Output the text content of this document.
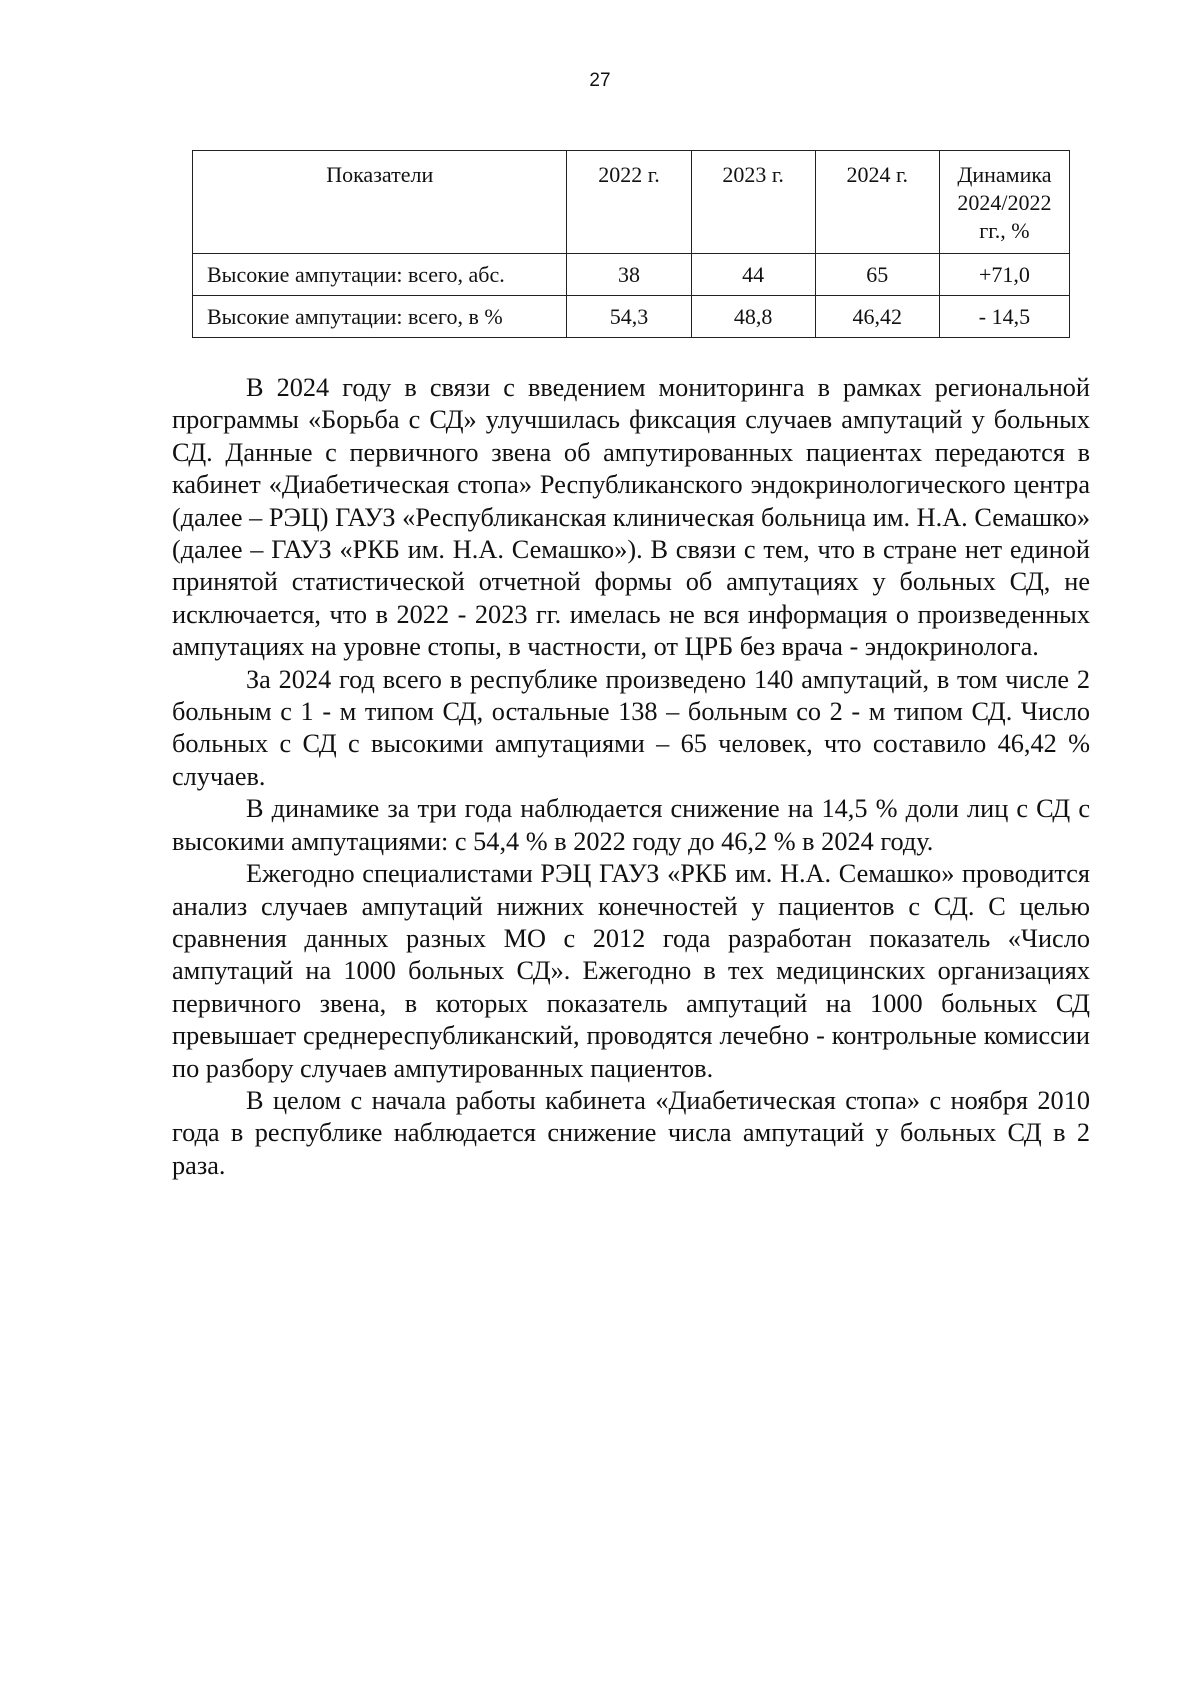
27
Показатели	2022 г.	2023 г.	2024 г.	Динамика
2024/2022
гг., %

Высокие ампутации: всего, абс.	38	44	65	+71,0
Высокие ампутации: всего, в %	54,3	48,8	46,42	- 14,5

В 2024 году в связи с введением мониторинга в рамках региональной программы «Борьба с СД» улучшилась фиксация случаев ампутаций у больных СД. Данные с первичного звена об ампутированных пациентах передаются в кабинет «Диабетическая стопа» Республиканского эндокринологического центра (далее – РЭЦ) ГАУЗ «Республиканская клиническая больница им. Н.А. Семашко» (далее – ГАУЗ «РКБ им. Н.А. Семашко»). В связи с тем, что в стране нет единой принятой статистической отчетной формы об ампутациях у больных СД, не исключается, что в 2022 - 2023 гг. имелась не вся информация о произведенных ампутациях на уровне стопы, в частности, от ЦРБ без врача - эндокринолога.

За 2024 год всего в республике произведено 140 ампутаций, в том числе 2 больным с 1 - м типом СД, остальные 138 – больным со 2 - м типом СД. Число больных с СД с высокими ампутациями – 65 человек, что составило 46,42 % случаев.

В динамике за три года наблюдается снижение на 14,5 % доли лиц с СД с высокими ампутациями: с 54,4 % в 2022 году до 46,2 % в 2024 году.

Ежегодно специалистами РЭЦ ГАУЗ «РКБ им. Н.А. Семашко» проводится анализ случаев ампутаций нижних конечностей у пациентов с СД. С целью сравнения данных разных МО с 2012 года разработан показатель «Число ампутаций на 1000 больных СД». Ежегодно в тех медицинских организациях первичного звена, в которых показатель ампутаций на 1000 больных СД превышает среднереспубликанский, проводятся лечебно - контрольные комиссии по разбору случаев ампутированных пациентов.

В целом с начала работы кабинета «Диабетическая стопа» с ноября 2010 года в республике наблюдается снижение числа ампутаций у больных СД в 2 раза.
